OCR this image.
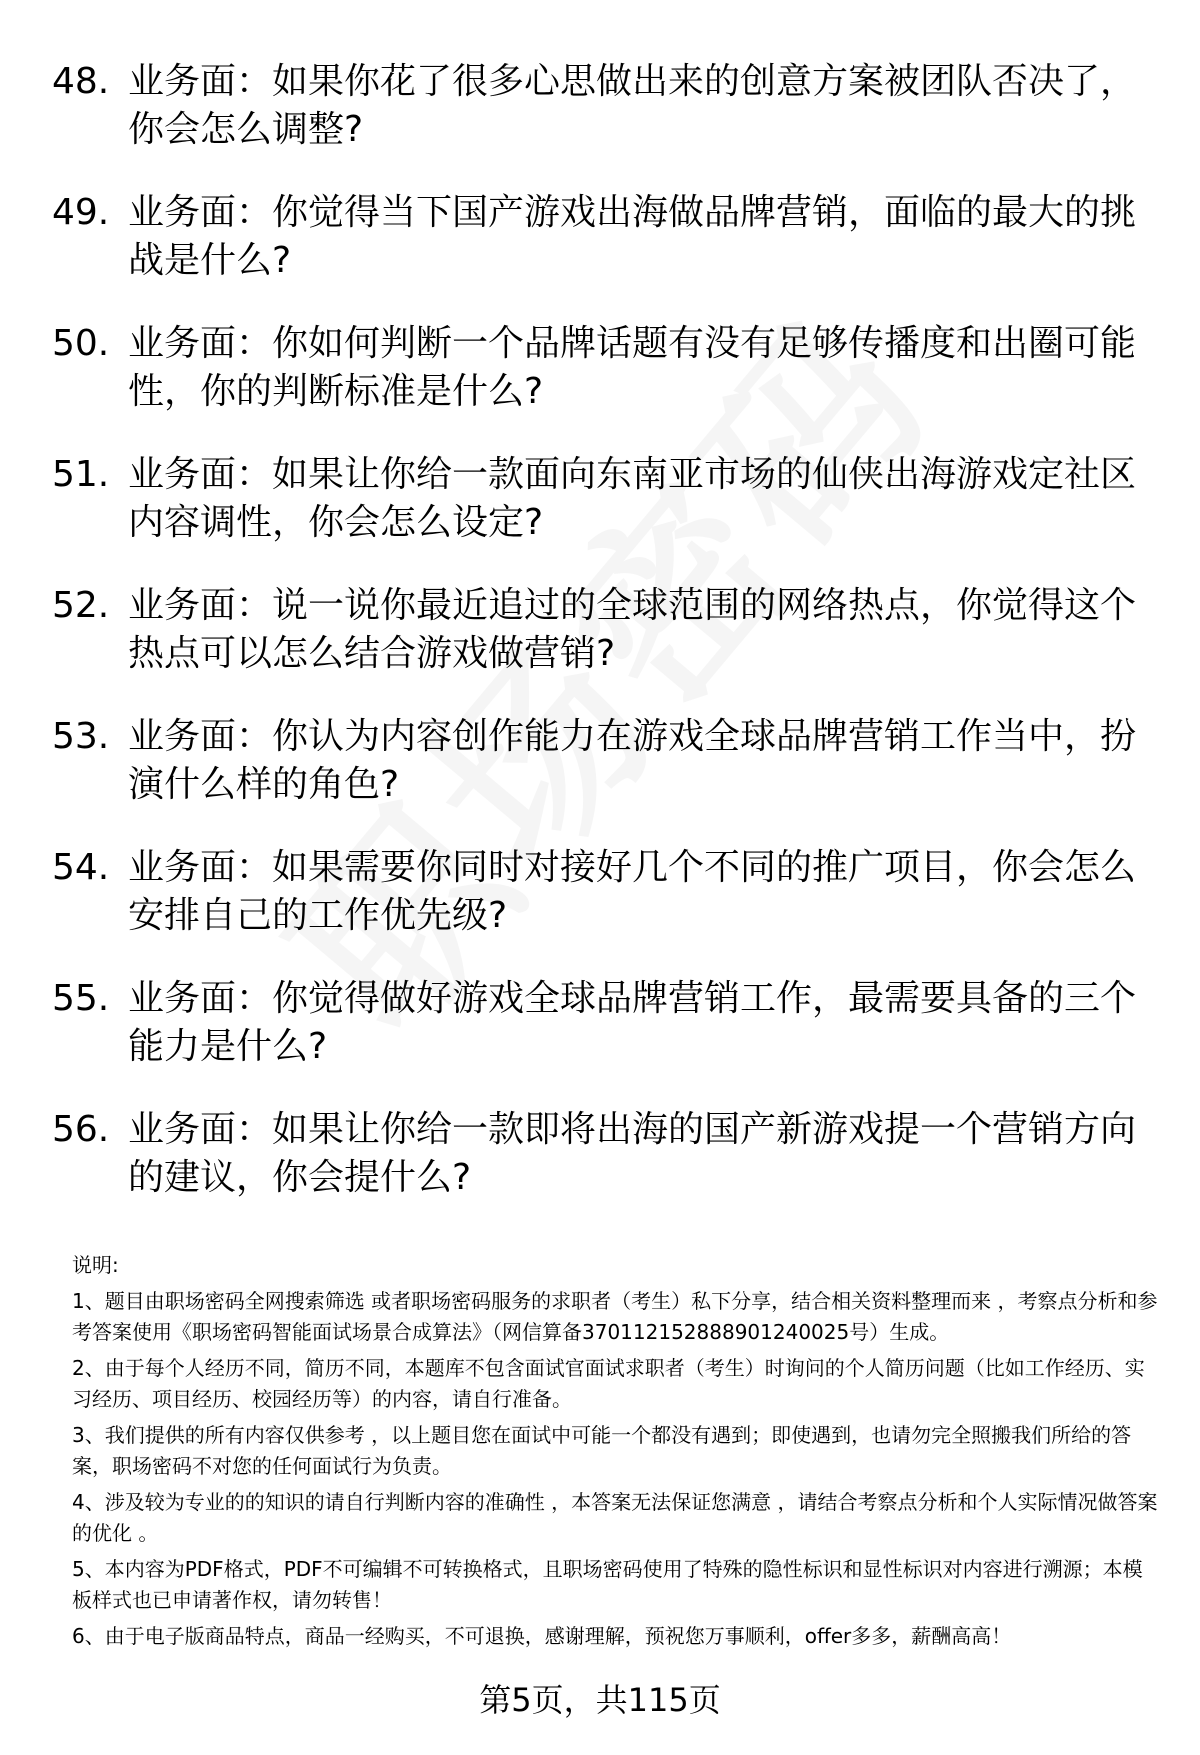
48. 业务面：如果你花了很多心思做出来的创意方案被团队否决了，你会怎么调整?
49. 业务面：你觉得当下国产游戏出海做品牌营销，面临的最大的挑战是什么?
50. 业务面：你如何判断一个品牌话题有没有足够传播度和出圈可能性，你的判断标准是什么?
51. 业务面：如果让你给一款面向东南亚市场的仙侠出海游戏定社区内容调性，你会怎么设定?
52. 业务面：说一说你最近追过的全球范围的网络热点，你觉得这个热点可以怎么结合游戏做营销?
53. 业务面：你认为内容创作能力在游戏全球品牌营销工作当中，扮演什么样的角色?
54. 业务面：如果需要你同时对接好几个不同的推广项目，你会怎么安排自己的工作优先级?
55. 业务面：你觉得做好游戏全球品牌营销工作，最需要具备的三个能力是什么?
56. 业务面：如果让你给一款即将出海的国产新游戏提一个营销方向的建议，你会提什么?

说明:

1、题目由职场密码全网搜索筛选 或者职场密码服务的求职者（考生）私下分享，结合相关资料整理而来 ，考察点分析和参考答案使用《职场密码智能面试场景合成算法》（网信算备370112152888901240025号）生成。

2、由于每个人经历不同，简历不同，本题库不包含面试官面试求职者（考生）时询问的个人简历问题（比如工作经历、实习经历、项目经历、校园经历等）的内容，请自行准备。

3、我们提供的所有内容仅供参考 ，以上题目您在面试中可能一个都没有遇到；即使遇到，也请勿完全照搬我们所给的答案，职场密码不对您的任何面试行为负责。

4、涉及较为专业的的知识的请自行判断内容的准确性 ，本答案无法保证您满意 ，请结合考察点分析和个人实际情况做答案的优化 。

5、本内容为PDF格式，PDF不可编辑不可转换格式，且职场密码使用了特殊的隐性标识和显性标识对内容进行溯源；本模板样式也已申请著作权，请勿转售！

6、由于电子版商品特点，商品一经购买，不可退换，感谢理解，预祝您万事顺利，offer多多，薪酬高高！

第5页，共115页
